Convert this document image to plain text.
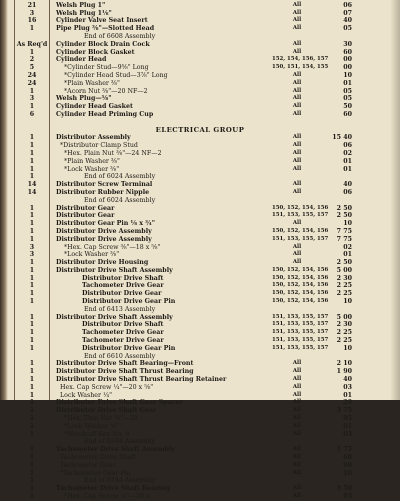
21	Welsh Plug 1"	All	06
3	Welsh Plug 1⅛"	All	07
16	Cylinder Valve Seat Insert	All	40
1	Pipe Plug ⅜"—Slotted Head	All	05
End of 6608 Assembly
As Req'd Cylinder Block Drain Cock	All	30
1	Cylinder Block Gasket	All	60
2	Cylinder Head	152, 154, 156, 157	00
5	*Cylinder Stud—9⅝" Long	150, 151, 154, 155	00
24	*Cylinder Head Stud—3⅞" Long	All	10
24	*Plain Washer ⅜"	All	01
1	*Acorn Nut ⅜"—20 NF—2	All	05
3	Welsh Plug—⅝"	All	05
1	Cylinder Head Gasket	All	50
6	Cylinder Head Priming Cup	All	60
ELECTRICAL GROUP
1	Distributor Assembly	All	15 40
1	*Distributor Clamp Stud	All	06
1	*Hex. Plain Nut ⅜"—24 NF—2	All	02
1	*Plain Washer ⅜"	All	01
1	*Lock Washer ⅜"	All	01
1	End of 6024 Assembly
14	Distributor Screw Terminal	All	40
14	Distributor Rubber Nipple	All	06
End of 6024 Assembly
1	Distributor Gear	150, 152, 154, 156	2 50
1	Distributor Gear	151, 153, 155, 157	2 50
1	Distributor Gear Pin ⅛ x ¾"	All	10
1	Distributor Drive Assembly	150, 152, 154, 156	7 75
1	Distributor Drive Assembly	151, 153, 155, 157	7 75
3	*Hex. Cap Screw ⅜"—18 x ⅝"	All	02
3	*Lock Washer ⅜"	All	01
1	Distributor Drive Housing	All	2 50
1	Distributor Drive Shaft Assembly	150, 152, 154, 156	5 00
1	Distributor Drive Shaft	150, 152, 154, 156	2 30
1	Tachometer Drive Gear	150, 152, 154, 156	2 25
1	Distributor Drive Gear	150, 152, 154, 156	2 25
1	Distributor Drive Gear Pin	150, 152, 154, 156	10
End of 6413 Assembly
1	Distributor Drive Shaft Assembly	151, 153, 155, 157	5 00
1	Distributor Drive Shaft	151, 153, 155, 157	2 30
1	Tachometer Drive Gear	151, 153, 155, 157	2 25
1	Tachometer Drive Gear	151, 153, 155, 157	2 25
1	Distributor Drive Gear Pin	151, 153, 155, 157	10
End of 6610 Assembly
1	Distributor Drive Shaft Bearing—Front	All	2 10
1	Distributor Drive Shaft Thrust Bearing	All	1 90
1	Distributor Drive Shaft Thrust Bearing Retainer	All	40
1	Hex. Cap Screw ¼"—20 x ⅝"	All	03
1	Lock Washer ¼"	All	01
1	Distributor Drive Shaft Gear Spacer	All	20
1	Distributor Drive Shaft Gear	All	3 75
1	*Hex. Thin Nut ⅝"—20	All	05
1	*Lock Washer ⅝"	All	01
1	*Woodruff Key No. 6	All	03
End of 6244 Assembly
1	Tachometer Drive Shaft Assembly	All	1 75
1	Tachometer Drive Shaft	All	60
1	Tachometer Gear	All	90
1	*Tachometer Gear Pin	All	10
1	End of 6244 Assembly
1	Tachometer Drive Shaft Bearing	All	3 50
1	*Hex. Cap Screw ¼"—20 x	All	03
